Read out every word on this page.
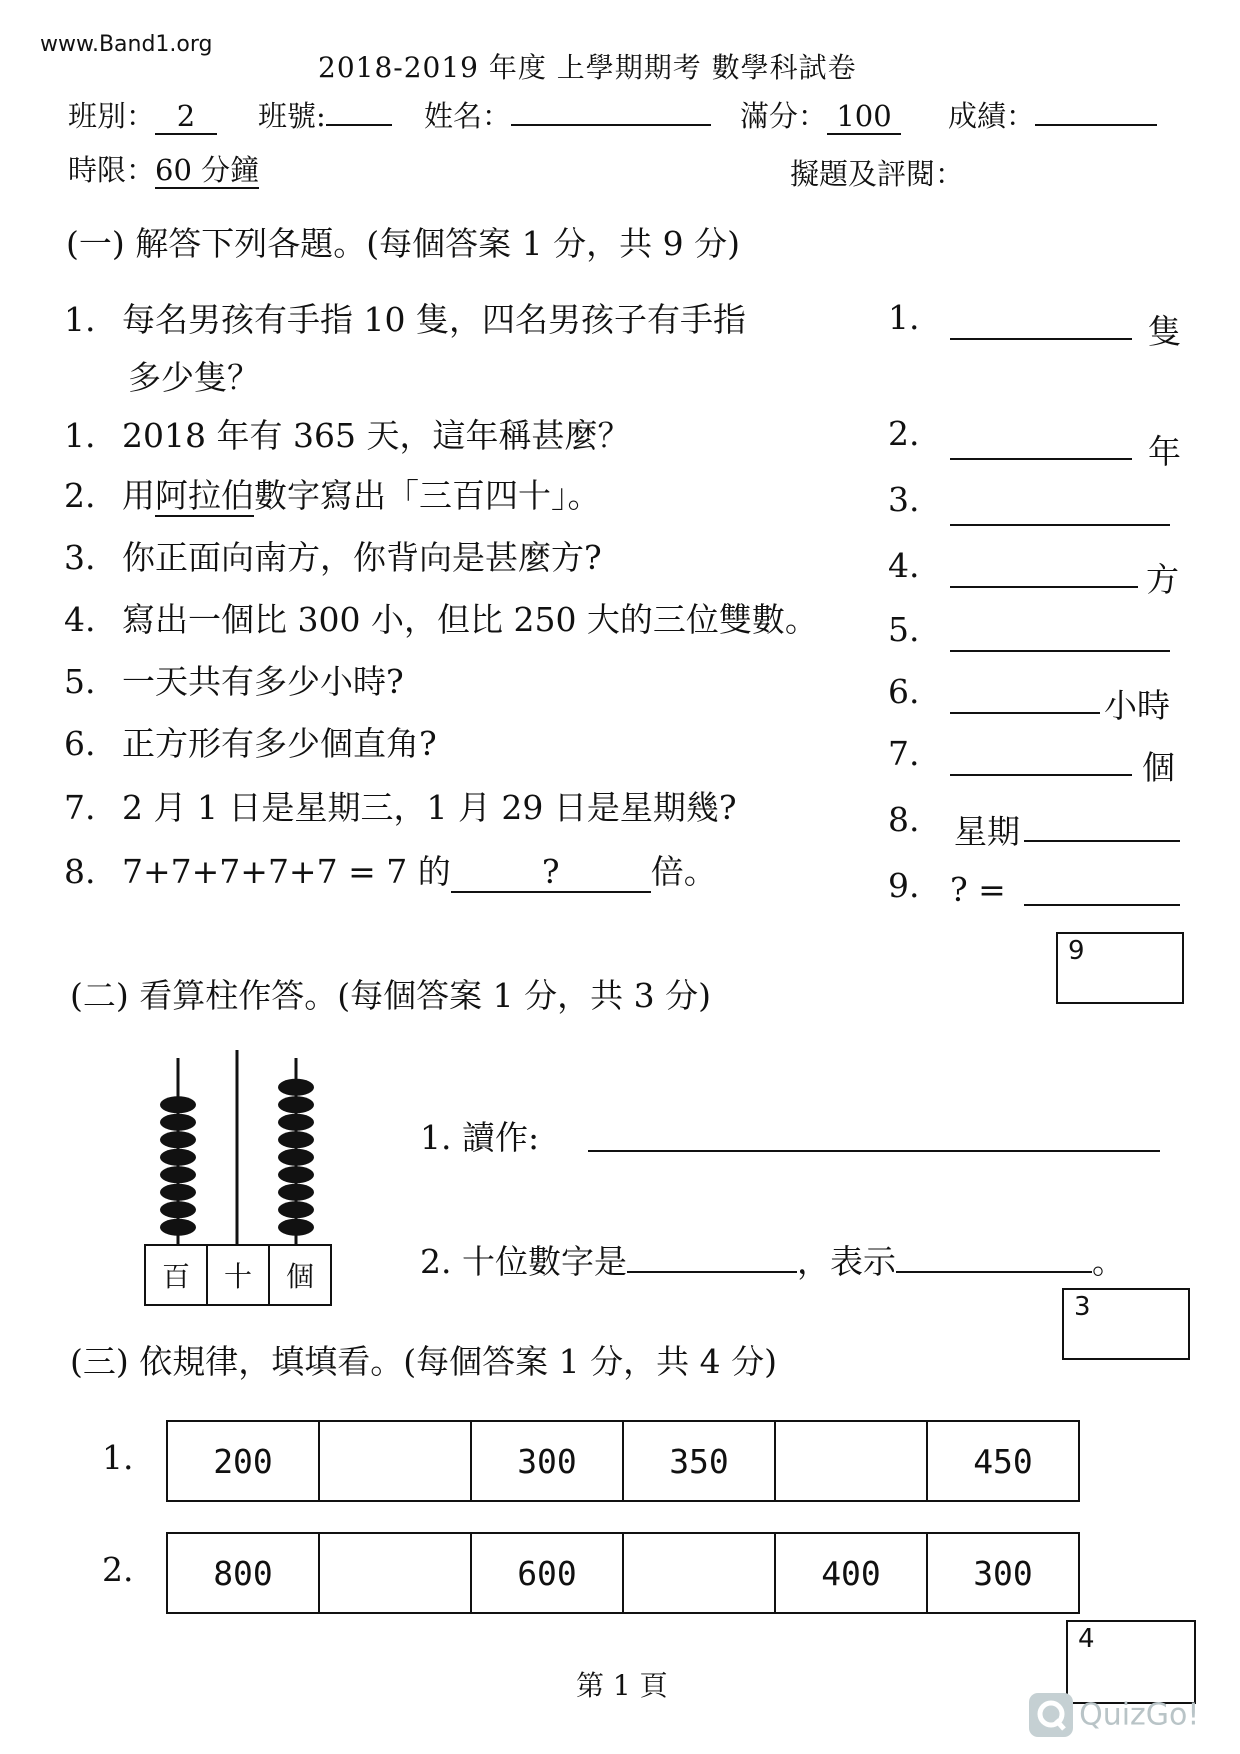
www.Band1.org
2018-2019 年度 上學期期考 數學科試卷
班別： 2	班號:	姓名：	滿分： 100	成績：
時限：60 分鐘	擬題及評閱：
(一) 解答下列各題。(每個答案 1 分，共 9 分)
1. 每名男孩有手指 10 隻，四名男孩子有手指
多少隻？
1. 2018 年有 365 天，這年稱甚麼？
2. 用阿拉伯數字寫出「三百四十」。
3. 你正面向南方，你背向是甚麼方?
4. 寫出一個比 300 小，但比 250 大的三位雙數。
5. 一天共有多少小時?
6. 正方形有多少個直角?
7. 2 月 1 日是星期三，1 月 29 日是星期幾?
8. 7+7+7+7+7 = 7 的	?	倍。
1.	隻
2.	年
3.
4.	方
5.
6.	小時
7.	個
8. 星期
9. ? =
9
(二) 看算柱作答。(每個答案 1 分，共 3 分)
百	十	個
1. 讀作:
2. 十位數字是	，表示	。
3
(三) 依規律，填填看。(每個答案 1 分，共 4 分)
1. 200		300	350		450
2. 800		600		400	300
4
第 1 頁
QuizGo!
